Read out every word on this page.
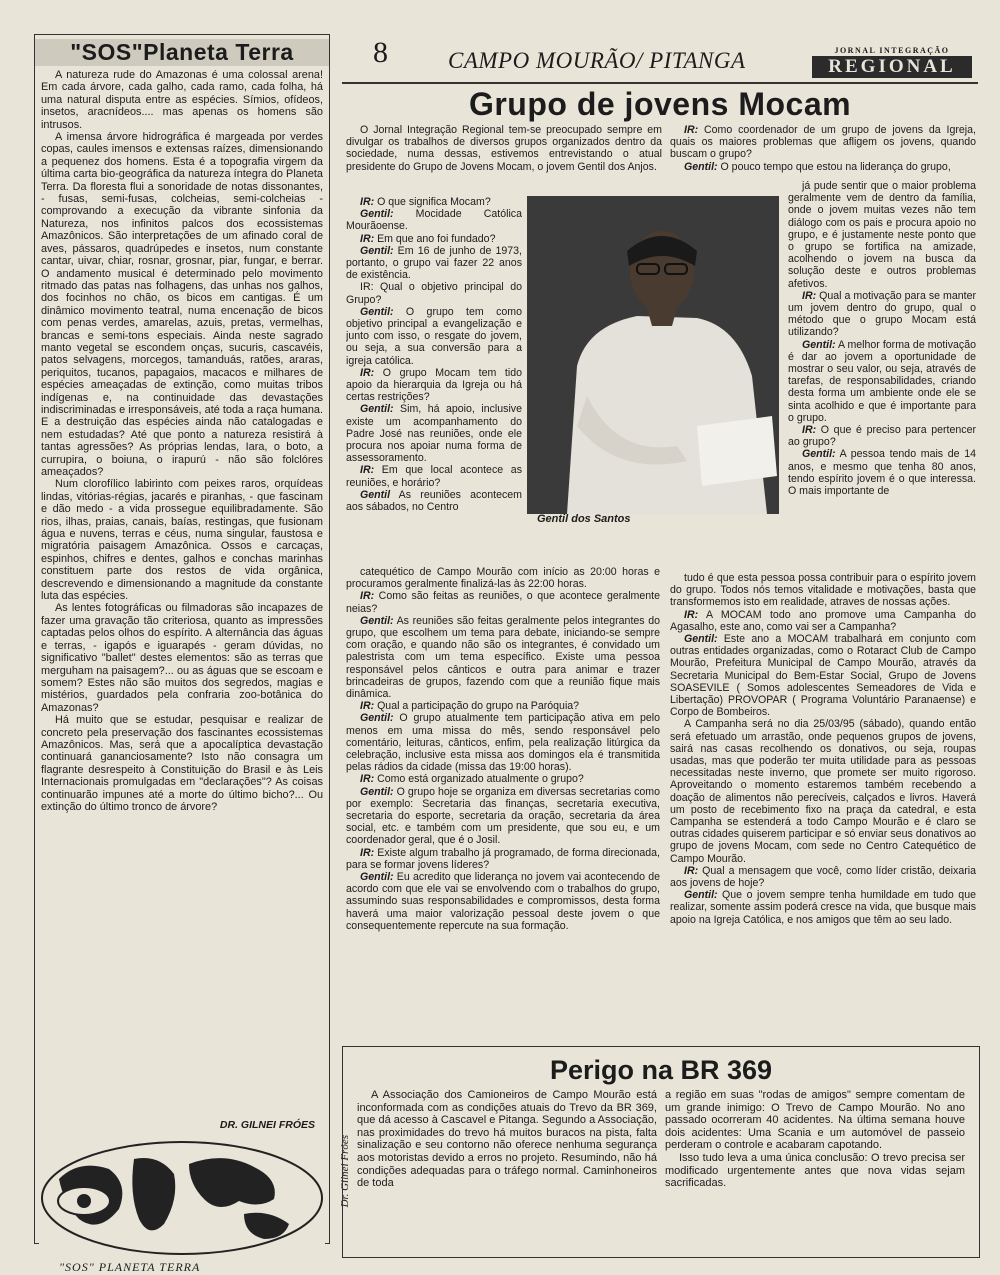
"SOS"Planeta Terra

A natureza rude do Amazonas é uma colossal arena! Em cada árvore, cada galho, cada ramo, cada folha, há uma natural disputa entre as espécies. Símios, ofídeos, insetos, aracnídeos.... mas apenas os homens são intrusos.

A imensa árvore hidrográfica é margeada por verdes copas, caules imensos e extensas raízes, dimensionando a pequenez dos homens. Esta é a topografia virgem da última carta bio-geográfica da natureza íntegra do Planeta Terra. Da floresta flui a sonoridade de notas dissonantes, - fusas, semi-fusas, colcheias, semi-colcheias - comprovando a execução da vibrante sinfonia da Natureza, nos infinitos palcos dos ecossistemas Amazônicos. São interpretações de um afinado coral de aves, pássaros, quadrúpedes e insetos, num constante cantar, uivar, chiar, rosnar, grosnar, piar, fungar, e berrar. O andamento musical é determinado pelo movimento ritmado das patas nas folhagens, das unhas nos galhos, dos focinhos no chão, os bicos em cantigas. É um dinâmico movimento teatral, numa encenação de bicos com penas verdes, amarelas, azuis, pretas, vermelhas, brancas e semi-tons especiais. Ainda neste sagrado manto vegetal se escondem onças, sucuris, cascavéis, patos selvagens, morcegos, tamanduás, ratões, araras, periquitos, tucanos, papagaios, macacos e milhares de espécies ameaçadas de extinção, como muitas tribos indígenas e, na continuidade das devastações indiscriminadas e irresponsáveis, até toda a raça humana. E a destruição das espécies ainda não catalogadas e nem estudadas? Até que ponto a natureza resistirá à tantas agressões? As próprias lendas, Iara, o boto, a currupira, o boiuna, o irapurú - não são folclóres ameaçados?

Num clorofílico labirinto com peixes raros, orquídeas lindas, vitórias-régias, jacarés e piranhas, - que fascinam e dão medo - a vida prossegue equilibradamente. São rios, ilhas, praias, canais, baías, restingas, que fusionam água e nuvens, terras e céus, numa singular, faustosa e migratória paisagem Amazônica. Ossos e carcaças, espinhos, chifres e dentes, galhos e conchas marinhas constituem parte dos restos de vida orgânica, descrevendo e dimensionando a magnitude da constante luta das espécies.

As lentes fotográficas ou filmadoras são incapazes de fazer uma gravação tão criteriosa, quanto as impressões captadas pelos olhos do espírito. A alternância das águas e terras, - igapós e iguarapés - geram dúvidas, no significativo "ballet" destes elementos: são as terras que merguham na paisagem?... ou as águas que se escoam e somem? Estes não são muitos dos segredos, magias e mistérios, guardados pela confraria zoo-botânica do Amazonas?

Há muito que se estudar, pesquisar e realizar de concreto pela preservação dos fascinantes ecossistemas Amazônicos. Mas, será que a apocalíptica devastação continuará gananciosamente? Isto não consagra um flagrante desrespeito à Constituição do Brasil e às Leis Internacionais promulgadas em "declarações"? As coisas continuarão impunes até a morte do último bicho?... Ou extinção do último tronco de árvore?

DR. GILNEI FRÓES
"SOS" PLANETA TERRA
Dr. Gilnei Fróes
8	CAMPO MOURÃO/ PITANGA	JORNAL INTEGRAÇÃO
REGIONAL
Grupo de jovens Mocam

O Jornal Integração Regional tem-se preocupado sempre em divulgar os trabalhos de diversos grupos organizados dentro da sociedade, numa dessas, estivemos entrevistando o atual presidente do Grupo de Jovens Mocam, o jovem Gentil dos Anjos.

IR: O que significa Mocam?

Gentil: Mocidade Católica Mourãoense.

IR: Em que ano foi fundado?

Gentil: Em 16 de junho de 1973, portanto, o grupo vai fazer 22 anos de existência.

IR: Qual o objetivo principal do Grupo?

Gentil: O grupo tem como objetivo principal a evangelização e junto com isso, o resgate do jovem, ou seja, a sua conversão para a igreja católica.

IR: O grupo Mocam tem tido apoio da hierarquia da Igreja ou há certas restrições?

Gentil: Sim, há apoio, inclusive existe um acompanhamento do Padre José nas reuniões, onde ele procura nos apoiar numa forma de assessoramento.

IR: Em que local acontece as reuniões, e horário?

Gentil As reuniões acontecem aos sábados, no Centro

catequético de Campo Mourão com início as 20:00 horas e procuramos geralmente finalizá-las às 22:00 horas.

IR: Como são feitas as reuniões, o que acontece geralmente neias?

Gentil: As reuniões são feitas geralmente pelos integrantes do grupo, que escolhem um tema para debate, iniciando-se sempre com oração, e quando não são os integrantes, é convidado um palestrista com um tema específico. Existe uma pessoa responsável pelos cânticos e outra para animar e trazer brincadeiras de grupos, fazendo com que a reunião fique mais dinâmica.

IR: Qual a participação do grupo na Paróquia?

Gentil: O grupo atualmente tem participação ativa em pelo menos em uma missa do mês, sendo responsável pelo comentário, leituras, cânticos, enfim, pela realização litúrgica da celebração, inclusive esta missa aos domingos ela é transmitida pelas rádios da cidade (missa das 19:00 horas).

IR: Como está organizado atualmente o grupo?

Gentil: O grupo hoje se organiza em diversas secretarias como por exemplo: Secretaria das finanças, secretaria executiva, secretaria do esporte, secretaria da oração, secretaria da área social, etc. e também com um presidente, que sou eu, e um coordenador geral, que é o Josil.

IR: Existe algum trabalho já programado, de forma direcionada, para se formar jovens líderes?

Gentil: Eu acredito que liderança no jovem vai acontecendo de acordo com que ele vai se envolvendo com o trabalhos do grupo, assumindo suas responsabilidades e compromissos, desta forma haverá uma maior valorização pessoal deste jovem o que consequentemente repercute na sua formação.

IR: Como coordenador de um grupo de jovens da Igreja, quais os maiores problemas que afligem os jovens, quando buscam o grupo?

Gentil: O pouco tempo que estou na liderança do grupo,

já pude sentir que o maior problema geralmente vem de dentro da família, onde o jovem muitas vezes não tem diálogo com os pais e procura apoio no grupo, e é justamente neste ponto que o grupo se fortifica na amizade, acolhendo o jovem na busca da solução deste e outros problemas afetivos.

IR: Qual a motivação para se manter um jovem dentro do grupo, qual o método que o grupo Mocam está utilizando?

Gentil: A melhor forma de motivação é dar ao jovem a oportunidade de mostrar o seu valor, ou seja, através de tarefas, de responsabilidades, criando desta forma um ambiente onde ele se sinta acolhido e que é importante para o grupo.

IR: O que é preciso para pertencer ao grupo?

Gentil: A pessoa tendo mais de 14 anos, e mesmo que tenha 80 anos, tendo espírito jovem é o que interessa. O mais importante de

tudo é que esta pessoa possa contribuir para o espírito jovem do grupo. Todos nós temos vitalidade e motivações, basta que transformemos isto em realidade, atraves de nossas ações.

IR: A MOCAM todo ano promove uma Campanha do Agasalho, este ano, como vai ser a Campanha?

Gentil: Este ano a MOCAM trabalhará em conjunto com outras entidades organizadas, como o Rotaract Club de Campo Mourão, Prefeitura Municipal de Campo Mourão, através da Secretaria Municipal do Bem-Estar Social, Grupo de Jovens SOASEVILE ( Somos adolescentes Semeadores de Vida e Libertação) PROVOPAR ( Programa Voluntário Paranaense) e Corpo de Bombeiros.

A Campanha será no dia 25/03/95 (sábado), quando então será efetuado um arrastão, onde pequenos grupos de jovens, sairá nas casas recolhendo os donativos, ou seja, roupas usadas, mas que poderão ter muita utilidade para as pessoas necessitadas neste inverno, que promete ser muito rigoroso. Aproveitando o momento estaremos também recebendo a doação de alimentos não perecíveis, calçados e livros. Haverá um posto de recebimento fixo na praça da catedral, e esta Campanha se estenderá a todo Campo Mourão e é claro se outras cidades quiserem participar e só enviar seus donativos ao grupo de jovens Mocam, com sede no Centro Catequético de Campo Mourão.

IR: Qual a mensagem que você, como líder cristão, deixaria aos jovens de hoje?

Gentil: Que o jovem sempre tenha humildade em tudo que realizar, somente assim poderá cresce na vida, que busque mais apoio na Igreja Católica, e nos amigos que têm ao seu lado.

Gentil dos Santos
Perigo na BR 369

A Associação dos Camioneiros de Campo Mourão está inconformada com as condições atuais do Trevo da BR 369, que dá acesso à Cascavel e Pitanga. Segundo a Associação, nas proximidades do trevo há muitos buracos na pista, falta sinalização e seu contorno não oferece nenhuma segurança aos motoristas devido a erros no projeto. Resumindo, não há condições adequadas para o tráfego normal. Caminhoneiros de toda

a região em suas "rodas de amigos" sempre comentam de um grande inimigo: O Trevo de Campo Mourão. No ano passado ocorreram 40 acidentes. Na última semana houve dois acidentes: Uma Scania e um automóvel de passeio perderam o controle e acabaram capotando.

Isso tudo leva a uma única conclusão: O trevo precisa ser modificado urgentemente antes que nova vidas sejam sacrificadas.
